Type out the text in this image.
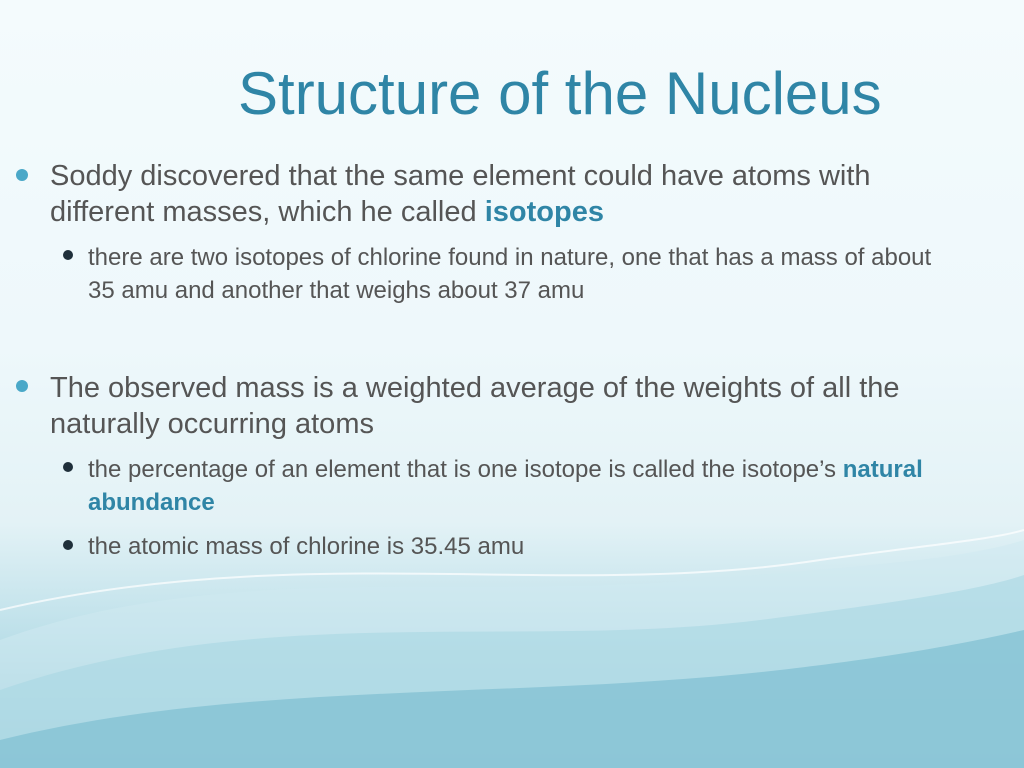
Structure of the Nucleus

Soddy discovered that the same element could have atoms with different masses, which he called isotopes

there are two isotopes of chlorine found in nature, one that has a mass of about 35 amu and another that weighs about 37 amu

The observed mass is a weighted average of the weights of all the naturally occurring atoms

the percentage of an element that is one isotope is called the isotope’s natural abundance

the atomic mass of chlorine is 35.45 amu
